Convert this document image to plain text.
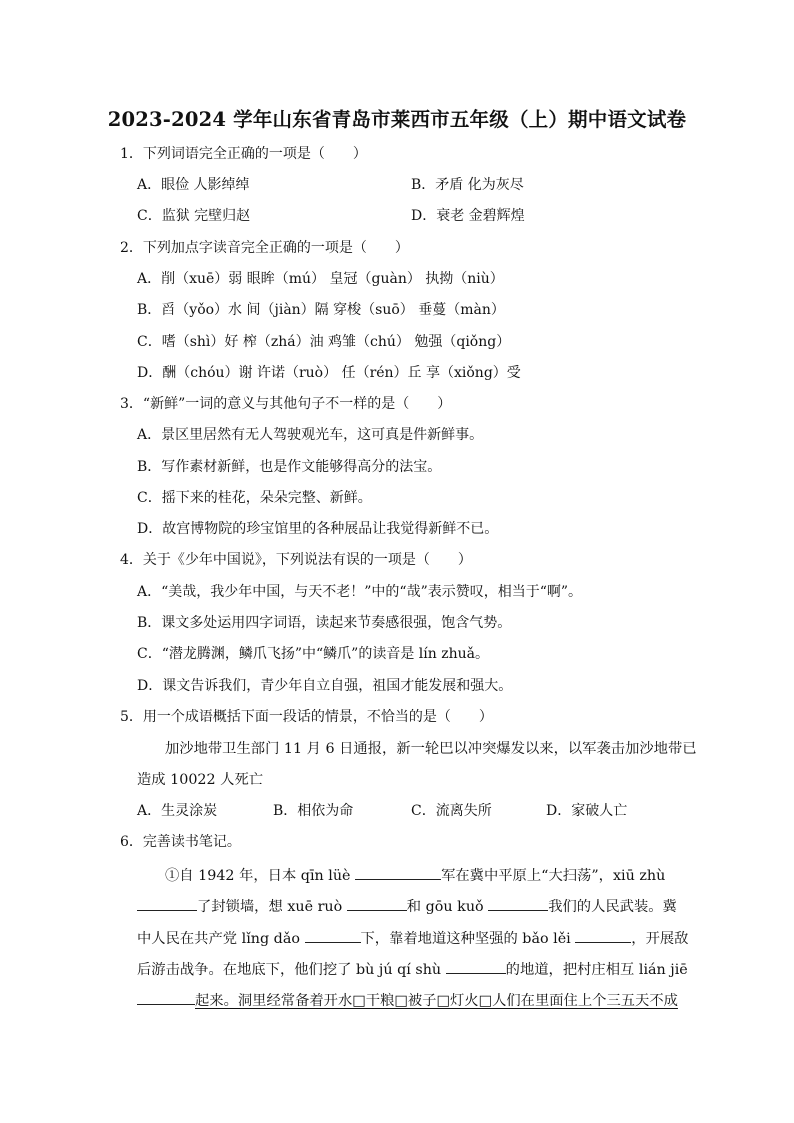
2023-2024 学年山东省青岛市莱西市五年级（上）期中语文试卷
1．下列词语完全正确的一项是（　　）
A．眼俭 人影绰绰	B．矛盾 化为灰尽
C．监狱 完壁归赵	D．衰老 金碧辉煌
2．下列加点字读音完全正确的一项是（　　）
A．削（xuē）弱 眼眸（mú） 皇冠（guàn） 执拗（niù）
B．舀（yǒo）水 间（jiàn）隔 穿梭（suō） 垂蔓（màn）
C．嗜（shì）好 榨（zhá）油 鸡雏（chú） 勉强（qiǒng）
D．酬（chóu）谢 许诺（ruò） 任（rén）丘 享（xiǒng）受
3．“新鲜”一词的意义与其他句子不一样的是（　　）
A．景区里居然有无人驾驶观光车，这可真是件新鲜事。
B．写作素材新鲜，也是作文能够得高分的法宝。
C．摇下来的桂花，朵朵完整、新鲜。
D．故宫博物院的珍宝馆里的各种展品让我觉得新鲜不已。
4．关于《少年中国说》，下列说法有误的一项是（　　）
A．“美哉，我少年中国，与天不老！”中的“哉”表示赞叹，相当于“啊”。
B．课文多处运用四字词语，读起来节奏感很强，饱含气势。
C．“潜龙腾渊，鳞爪飞扬”中“鳞爪”的读音是 lín zhuǎ。
D．课文告诉我们，青少年自立自强，祖国才能发展和强大。
5．用一个成语概括下面一段话的情景，不恰当的是（　　）
加沙地带卫生部门 11 月 6 日通报，新一轮巴以冲突爆发以来，以军袭击加沙地带已
造成 10022 人死亡
A．生灵涂炭	B．相依为命	C．流离失所	D．家破人亡
6．完善读书笔记。
①自 1942 年，日本 qīn lüè	军在冀中平原上“大扫荡”，xiū zhù
了封锁墙，想 xuē ruò	和 gōu kuǒ	我们的人民武装。冀
中人民在共产党 lǐng dǎo	下，靠着地道这种坚强的 bǎo lěi	，开展敌
后游击战争。在地底下，他们挖了 bù jú qí shù	的地道，把村庄相互 lián jiē
起来。洞里经常备着开水□干粮□被子□灯火□人们在里面住上个三五天不成
